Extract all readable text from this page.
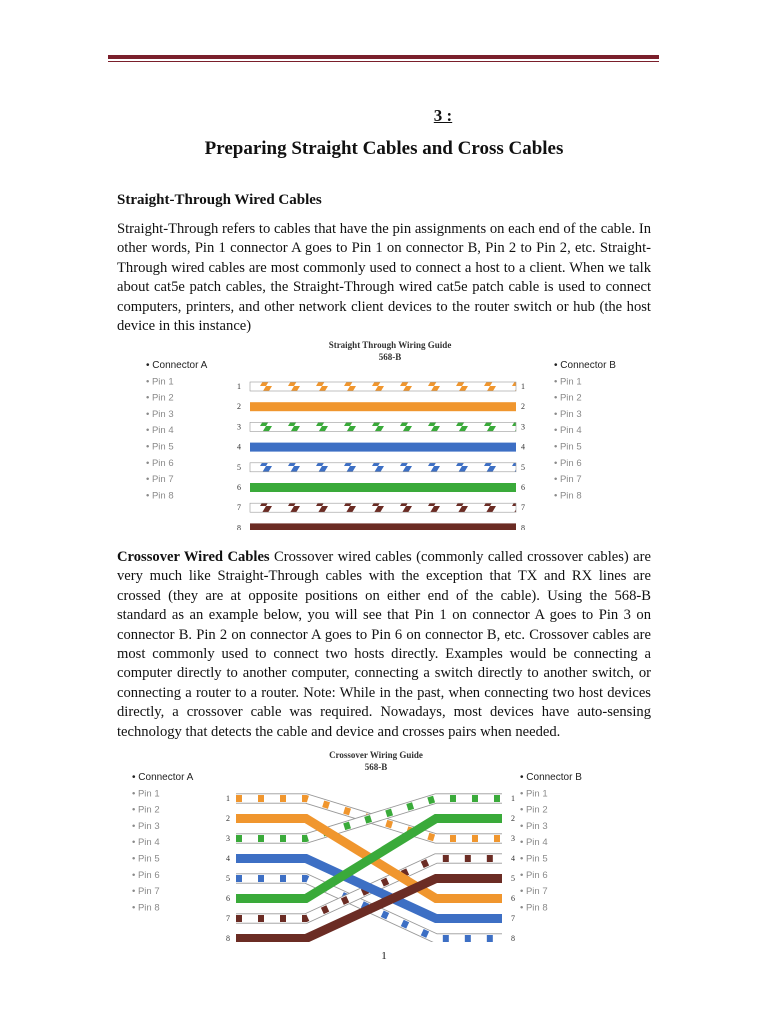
3 :
Preparing Straight Cables and Cross Cables
Straight-Through Wired Cables
Straight-Through refers to cables that have the pin assignments on each end of the cable. In other words, Pin 1 connector A goes to Pin 1 on connector B, Pin 2 to Pin 2, etc. Straight-Through wired cables are most commonly used to connect a host to a client. When we talk about cat5e patch cables, the Straight-Through wired cat5e patch cable is used to connect computers, printers, and other network client devices to the router switch or hub (the host device in this instance)
Straight Through Wiring Guide
568-B
• Connector A
• Pin 1
• Pin 2
• Pin 3
• Pin 4
• Pin 5
• Pin 6
• Pin 7
• Pin 8
• Connector B
• Pin 1
• Pin 2
• Pin 3
• Pin 4
• Pin 5
• Pin 6
• Pin 7
• Pin 8
1	1
2	2
3	3
4	4
5	5
6	6
7	7
8	8
Crossover Wired Cables Crossover wired cables (commonly called crossover cables) are very much like Straight-Through cables with the exception that TX and RX lines are crossed (they are at opposite positions on either end of the cable). Using the 568-B standard as an example below, you will see that Pin 1 on connector A goes to Pin 3 on connector B. Pin 2 on connector A goes to Pin 6 on connector B, etc. Crossover cables are most commonly used to connect two hosts directly. Examples would be connecting a computer directly to another computer, connecting a switch directly to another switch, or connecting a router to a router. Note: While in the past, when connecting two host devices directly, a crossover cable was required. Nowadays, most devices have auto-sensing technology that detects the cable and device and crosses pairs when needed.
Crossover Wiring Guide
568-B
• Connector A
• Pin 1
• Pin 2
• Pin 3
• Pin 4
• Pin 5
• Pin 6
• Pin 7
• Pin 8
• Connector B
• Pin 1
• Pin 2
• Pin 3
• Pin 4
• Pin 5
• Pin 6
• Pin 7
• Pin 8
1	1
2	2
3	3
4	4
5	5
6	6
7	7
8	8
1
